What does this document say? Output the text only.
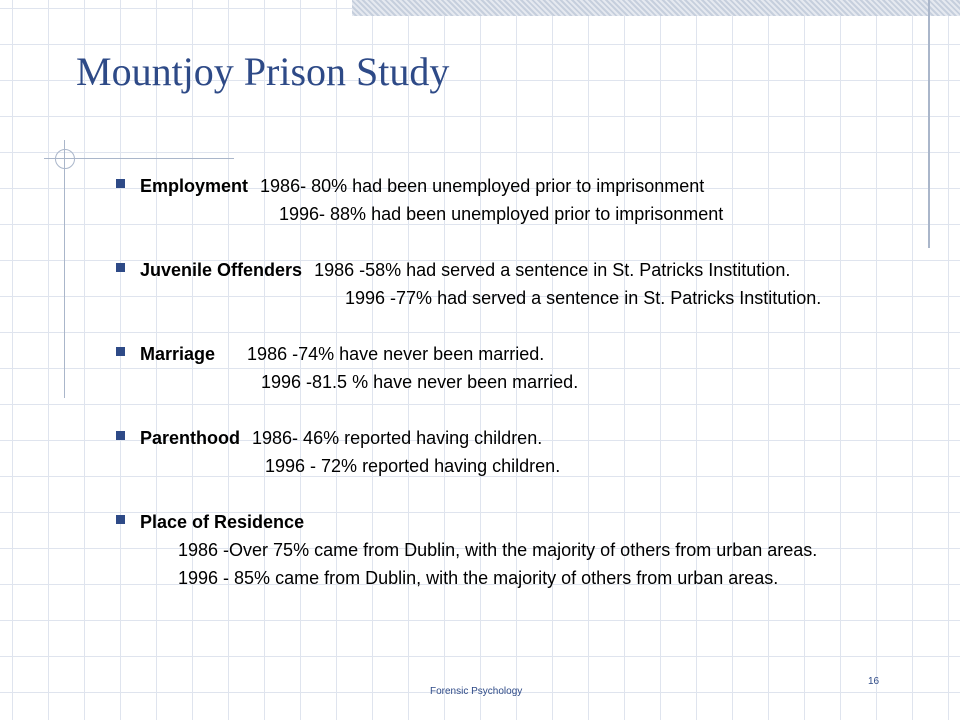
Mountjoy Prison Study
Employment 1986- 80% had been unemployed prior to imprisonment
1996- 88% had been unemployed prior to imprisonment
Juvenile Offenders 1986 -58% had served a sentence in St. Patricks Institution.
1996 -77% had served a sentence in St. Patricks Institution.
Marriage 1986 -74% have never been married.
1996 -81.5 % have never been married.
Parenthood 1986- 46% reported having children.
1996 - 72% reported having children.
Place of Residence
1986 -Over 75% came from Dublin, with the majority of others from urban areas.
1996 - 85% came from Dublin, with the majority of others from urban areas.
Forensic Psychology
16
